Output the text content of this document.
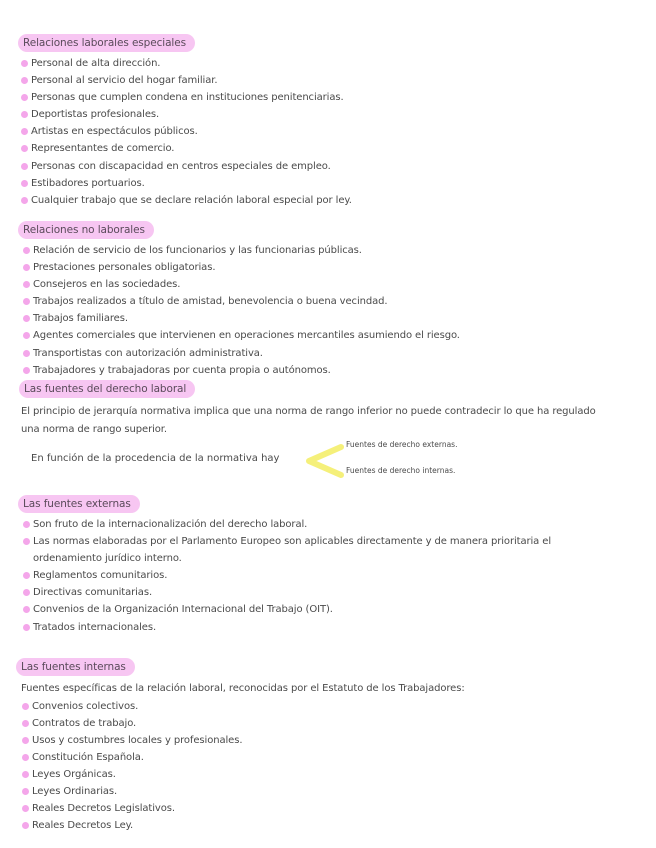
Relaciones laborales especiales
Personal de alta dirección.
Personal al servicio del hogar familiar.
Personas que cumplen condena en instituciones penitenciarias.
Deportistas profesionales.
Artistas en espectáculos públicos.
Representantes de comercio.
Personas con discapacidad en centros especiales de empleo.
Estibadores portuarios.
Cualquier trabajo que se declare relación laboral especial por ley.
Relaciones no laborales
Relación de servicio de los funcionarios y las funcionarias públicas.
Prestaciones personales obligatorias.
Consejeros en las sociedades.
Trabajos realizados a título de amistad, benevolencia o buena vecindad.
Trabajos familiares.
Agentes comerciales que intervienen en operaciones mercantiles asumiendo el riesgo.
Transportistas con autorización administrativa.
Trabajadores y trabajadoras por cuenta propia o autónomos.
Las fuentes del derecho laboral

El principio de jerarquía normativa implica que una norma de rango inferior no puede contradecir lo que ha regulado una norma de rango superior.

En función de la procedencia de la normativa hay
Fuentes de derecho externas.
Fuentes de derecho internas.
Las fuentes externas
Son fruto de la internacionalización del derecho laboral.
Las normas elaboradas por el Parlamento Europeo son aplicables directamente y de manera prioritaria el ordenamiento jurídico interno.
Reglamentos comunitarios.
Directivas comunitarias.
Convenios de la Organización Internacional del Trabajo (OIT).
Tratados internacionales.
Las fuentes internas

Fuentes específicas de la relación laboral, reconocidas por el Estatuto de los Trabajadores:

Convenios colectivos.
Contratos de trabajo.
Usos y costumbres locales y profesionales.
Constitución Española.
Leyes Orgánicas.
Leyes Ordinarias.
Reales Decretos Legislativos.
Reales Decretos Ley.
